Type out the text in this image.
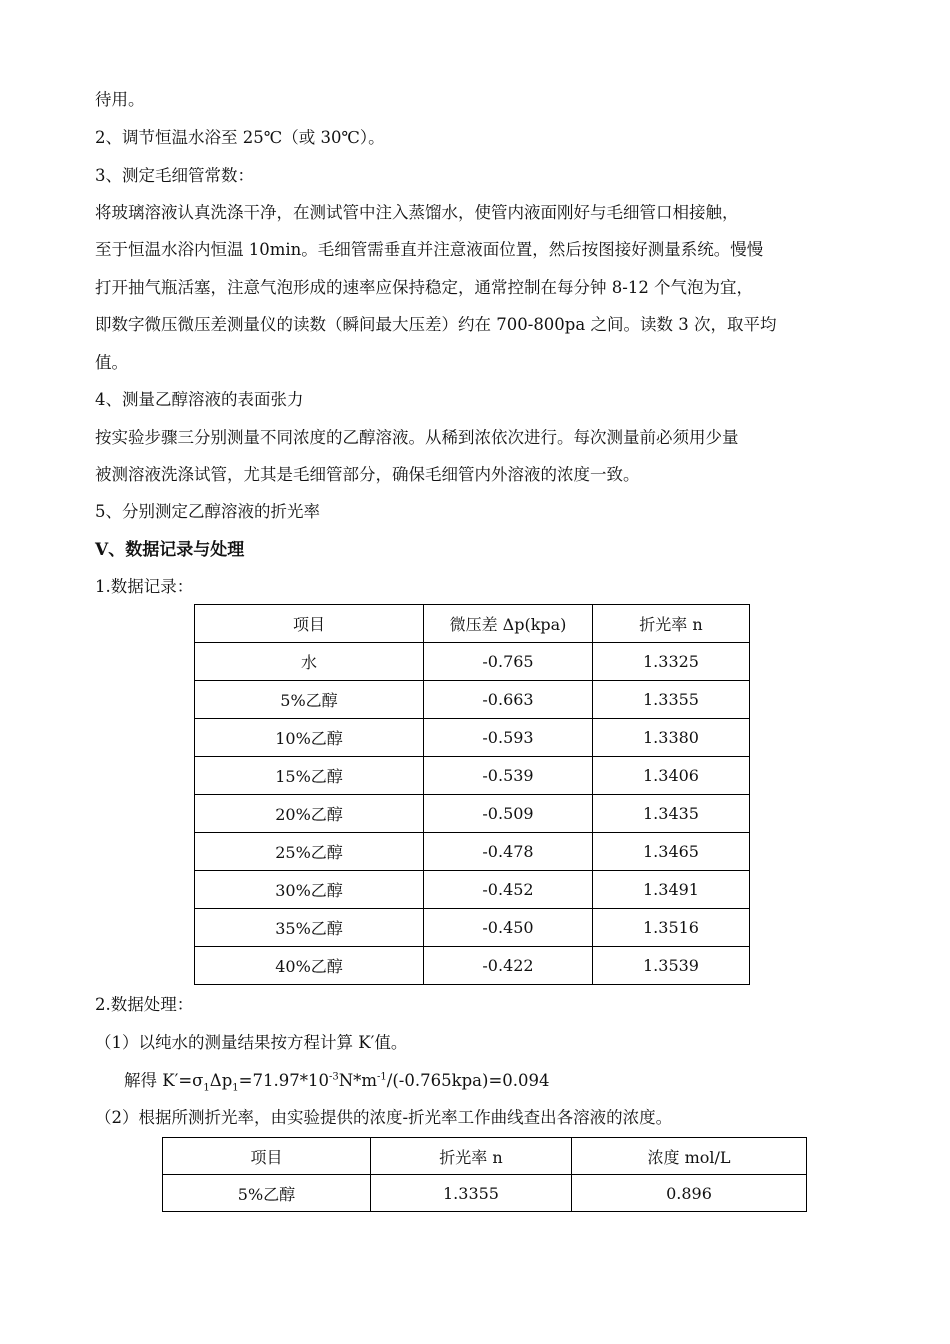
待用。
2、调节恒温水浴至 25℃（或 30℃）。
3、测定毛细管常数：
将玻璃溶液认真洗涤干净，在测试管中注入蒸馏水，使管内液面刚好与毛细管口相接触，
至于恒温水浴内恒温 10min。毛细管需垂直并注意液面位置，然后按图接好测量系统。慢慢
打开抽气瓶活塞，注意气泡形成的速率应保持稳定，通常控制在每分钟 8-12 个气泡为宜，
即数字微压微压差测量仪的读数（瞬间最大压差）约在 700-800pa 之间。读数 3 次，取平均
值。
4、测量乙醇溶液的表面张力
按实验步骤三分别测量不同浓度的乙醇溶液。从稀到浓依次进行。每次测量前必须用少量
被测溶液洗涤试管，尤其是毛细管部分，确保毛细管内外溶液的浓度一致。
5、分别测定乙醇溶液的折光率
Ⅴ、数据记录与处理
1.数据记录：
项目	微压差 Δp(kpa)	折光率 n
水	-0.765	1.3325
5%乙醇	-0.663	1.3355
10%乙醇	-0.593	1.3380
15%乙醇	-0.539	1.3406
20%乙醇	-0.509	1.3435
25%乙醇	-0.478	1.3465
30%乙醇	-0.452	1.3491
35%乙醇	-0.450	1.3516
40%乙醇	-0.422	1.3539
2.数据处理：
（1）以纯水的测量结果按方程计算 K′值。
解得 $K'=\sigma_1\Delta p_1=71.97*10^{-3}N*m^{-1}/(-0.765kpa)=0.094$
（2）根据所测折光率，由实验提供的浓度-折光率工作曲线查出各溶液的浓度。
项目	折光率 n	浓度 mol/L
5%乙醇	1.3355	0.896
